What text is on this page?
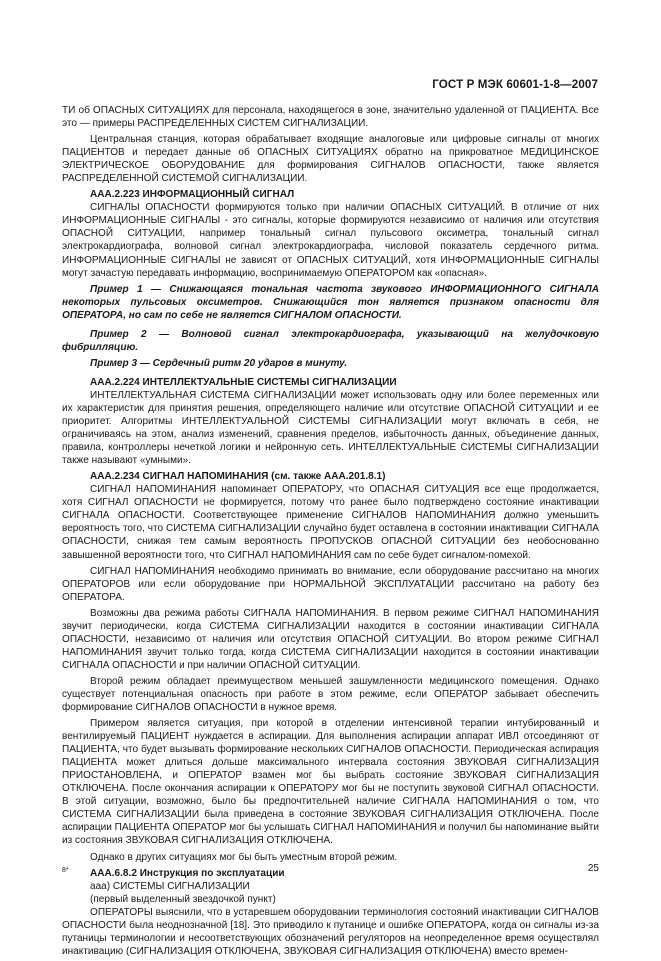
ГОСТ Р МЭК 60601-1-8—2007

ТИ об ОПАСНЫХ СИТУАЦИЯХ для персонала, находящегося в зоне, значительно удаленной от ПАЦИЕНТА. Все это — примеры РАСПРЕДЕЛЕННЫХ СИСТЕМ СИГНАЛИЗАЦИИ.

Центральная станция, которая обрабатывает входящие аналоговые или цифровые сигналы от многих ПАЦИЕНТОВ и передает данные об ОПАСНЫХ СИТУАЦИЯХ обратно на прикроватное МЕДИЦИНСКОЕ ЭЛЕКТРИЧЕСКОЕ ОБОРУДОВАНИЕ для формирования СИГНАЛОВ ОПАСНОСТИ, также является РАСПРЕДЕЛЕННОЙ СИСТЕМОЙ СИГНАЛИЗАЦИИ.

ААА.2.223 ИНФОРМАЦИОННЫЙ СИГНАЛ

СИГНАЛЫ ОПАСНОСТИ формируются только при наличии ОПАСНЫХ СИТУАЦИЙ. В отличие от них ИНФОРМАЦИОННЫЕ СИГНАЛЫ - это сигналы, которые формируются независимо от наличия или отсутствия ОПАСНОЙ СИТУАЦИИ, например тональный сигнал пульсового оксиметра, тональный сигнал электрокардиографа, волновой сигнал электрокардиографа, числовой показатель сердечного ритма. ИНФОРМАЦИОННЫЕ СИГНАЛЫ не зависят от ОПАСНЫХ СИТУАЦИЙ, хотя ИНФОРМАЦИОННЫЕ СИГНАЛЫ могут зачастую передавать информацию, воспринимаемую ОПЕРАТОРОМ как «опасная».

Пример 1 — Снижающаяся тональная частота звукового ИНФОРМАЦИОННОГО СИГНАЛА некоторых пульсовых оксиметров. Снижающийся тон является признаком опасности для ОПЕРАТОРА, но сам по себе не является СИГНАЛОМ ОПАСНОСТИ.

Пример 2 — Волновой сигнал электрокардиографа, указывающий на желудочковую фибрилляцию.

Пример 3 — Сердечный ритм 20 ударов в минуту.

ААА.2.224 ИНТЕЛЛЕКТУАЛЬНЫЕ СИСТЕМЫ СИГНАЛИЗАЦИИ

ИНТЕЛЛЕКТУАЛЬНАЯ СИСТЕМА СИГНАЛИЗАЦИИ может использовать одну или более переменных или их характеристик для принятия решения, определяющего наличие или отсутствие ОПАСНОЙ СИТУАЦИИ и ее приоритет. Алгоритмы ИНТЕЛЛЕКТУАЛЬНОЙ СИСТЕМЫ СИГНАЛИЗАЦИИ могут включать в себя, не ограничиваясь на этом, анализ изменений, сравнения пределов, избыточность данных, объединение данных, правила, контроллеры нечеткой логики и нейронную сеть. ИНТЕЛЛЕКТУАЛЬНЫЕ СИСТЕМЫ СИГНАЛИЗАЦИИ также называют «умными».

ААА.2.234 СИГНАЛ НАПОМИНАНИЯ (см. также ААА.201.8.1)

СИГНАЛ НАПОМИНАНИЯ напоминает ОПЕРАТОРУ, что ОПАСНАЯ СИТУАЦИЯ все еще продолжается, хотя СИГНАЛ ОПАСНОСТИ не формируется, потому что ранее было подтверждено состояние инактивации СИГНАЛА ОПАСНОСТИ. Соответствующее применение СИГНАЛОВ НАПОМИНАНИЯ должно уменьшить вероятность того, что СИСТЕМА СИГНАЛИЗАЦИИ случайно будет оставлена в состоянии инактивации СИГНАЛА ОПАСНОСТИ, снижая тем самым вероятность ПРОПУСКОВ ОПАСНОЙ СИТУАЦИИ без необоснованно завышенной вероятности того, что СИГНАЛ НАПОМИНАНИЯ сам по себе будет сигналом-помехой.

СИГНАЛ НАПОМИНАНИЯ необходимо принимать во внимание, если оборудование рассчитано на многих ОПЕРАТОРОВ или если оборудование при НОРМАЛЬНОЙ ЭКСПЛУАТАЦИИ рассчитано на работу без ОПЕРАТОРА.

Возможны два режима работы СИГНАЛА НАПОМИНАНИЯ. В первом режиме СИГНАЛ НАПОМИНАНИЯ звучит периодически, когда СИСТЕМА СИГНАЛИЗАЦИИ находится в состоянии инактивации СИГНАЛА ОПАСНОСТИ, независимо от наличия или отсутствия ОПАСНОЙ СИТУАЦИИ. Во втором режиме СИГНАЛ НАПОМИНАНИЯ звучит только тогда, когда СИСТЕМА СИГНАЛИЗАЦИИ находится в состоянии инактивации СИГНАЛА ОПАСНОСТИ и при наличии ОПАСНОЙ СИТУАЦИИ.

Второй режим обладает преимуществом меньшей зашумленности медицинского помещения. Однако существует потенциальная опасность при работе в этом режиме, если ОПЕРАТОР забывает обеспечить формирование СИГНАЛОВ ОПАСНОСТИ в нужное время.

Примером является ситуация, при которой в отделении интенсивной терапии интубированный и вентилируемый ПАЦИЕНТ нуждается в аспирации. Для выполнения аспирации аппарат ИВЛ отсоединяют от ПАЦИЕНТА, что будет вызывать формирование нескольких СИГНАЛОВ ОПАСНОСТИ. Периодическая аспирация ПАЦИЕНТА может длиться дольше максимального интервала состояния ЗВУКОВАЯ СИГНАЛИЗАЦИЯ ПРИОСТАНОВЛЕНА, и ОПЕРАТОР взамен мог бы выбрать состояние ЗВУКОВАЯ СИГНАЛИЗАЦИЯ ОТКЛЮЧЕНА. После окончания аспирации к ОПЕРАТОРУ мог бы не поступить звуковой СИГНАЛ ОПАСНОСТИ. В этой ситуации, возможно, было бы предпочтительней наличие СИГНАЛА НАПОМИНАНИЯ о том, что СИСТЕМА СИГНАЛИЗАЦИИ была приведена в состояние ЗВУКОВАЯ СИГНАЛИЗАЦИЯ ОТКЛЮЧЕНА. После аспирации ПАЦИЕНТА ОПЕРАТОР мог бы услышать СИГНАЛ НАПОМИНАНИЯ и получил бы напоминание выйти из состояния ЗВУКОВАЯ СИГНАЛИЗАЦИЯ ОТКЛЮЧЕНА.

Однако в других ситуациях мог бы быть уместным второй режим.

ААА.6.8.2 Инструкция по эксплуатации

ааа) СИСТЕМЫ СИГНАЛИЗАЦИИ

(первый выделенный звездочкой пункт)

ОПЕРАТОРЫ выяснили, что в устаревшем оборудовании терминология состояний инактивации СИГНАЛОВ ОПАСНОСТИ была неоднозначной [18]. Это приводило к путанице и ошибке ОПЕРАТОРА, когда он сигналы из-за путаницы терминологии и несоответствующих обозначений регуляторов на неопределенное время осуществлял инактивацию (СИГНАЛИЗАЦИЯ ОТКЛЮЧЕНА, ЗВУКОВАЯ СИГНАЛИЗАЦИЯ ОТКЛЮЧЕНА) вместо времен-

8*	25
